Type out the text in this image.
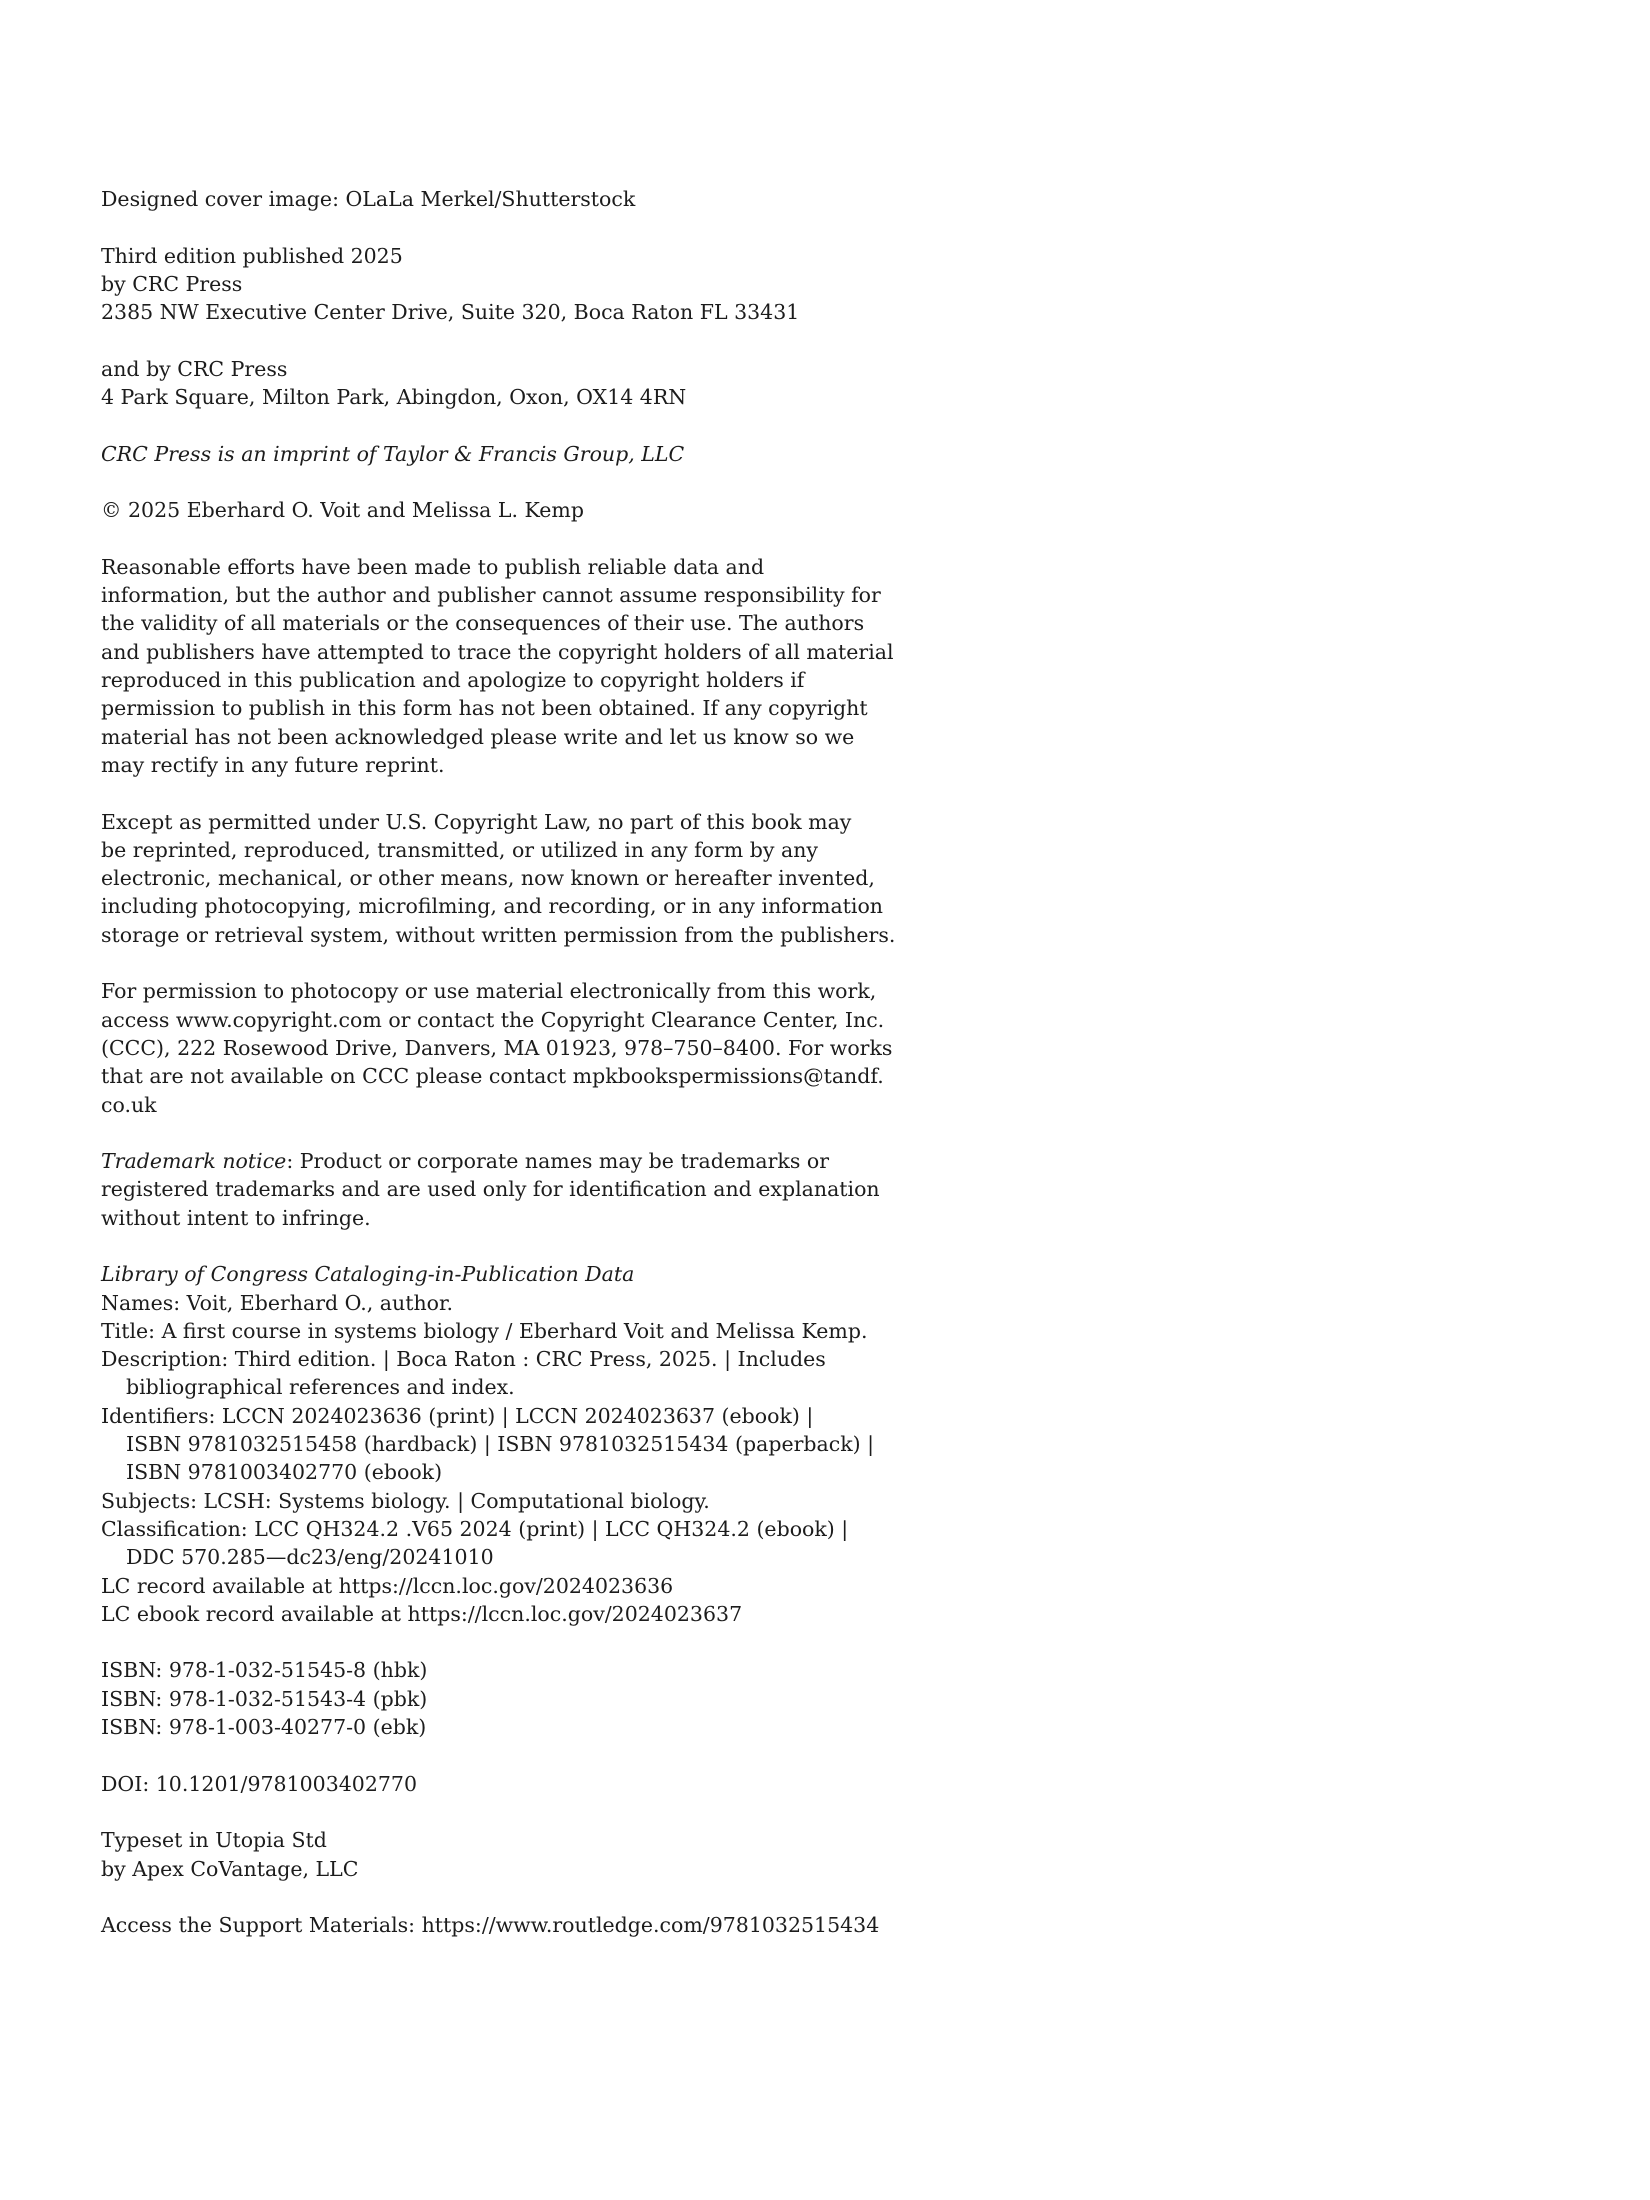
Designed cover image: OLaLa Merkel/Shutterstock
Third edition published 2025
by CRC Press
2385 NW Executive Center Drive, Suite 320, Boca Raton FL 33431
and by CRC Press
4 Park Square, Milton Park, Abingdon, Oxon, OX14 4RN
CRC Press is an imprint of Taylor & Francis Group, LLC
© 2025 Eberhard O. Voit and Melissa L. Kemp
Reasonable efforts have been made to publish reliable data and
information, but the author and publisher cannot assume responsibility for
the validity of all materials or the consequences of their use. The authors
and publishers have attempted to trace the copyright holders of all material
reproduced in this publication and apologize to copyright holders if
permission to publish in this form has not been obtained. If any copyright
material has not been acknowledged please write and let us know so we
may rectify in any future reprint.
Except as permitted under U.S. Copyright Law, no part of this book may
be reprinted, reproduced, transmitted, or utilized in any form by any
electronic, mechanical, or other means, now known or hereafter invented,
including photocopying, microfilming, and recording, or in any information
storage or retrieval system, without written permission from the publishers.
For permission to photocopy or use material electronically from this work,
access www.copyright.com or contact the Copyright Clearance Center, Inc.
(CCC), 222 Rosewood Drive, Danvers, MA 01923, 978–750–8400. For works
that are not available on CCC please contact mpkbookspermissions@tandf.
co.uk
Trademark notice: Product or corporate names may be trademarks or
registered trademarks and are used only for identification and explanation
without intent to infringe.
Library of Congress Cataloging-in-Publication Data
Names: Voit, Eberhard O., author.
Title: A first course in systems biology / Eberhard Voit and Melissa Kemp.
Description: Third edition. | Boca Raton : CRC Press, 2025. | Includes
bibliographical references and index.
Identifiers: LCCN 2024023636 (print) | LCCN 2024023637 (ebook) |
ISBN 9781032515458 (hardback) | ISBN 9781032515434 (paperback) |
ISBN 9781003402770 (ebook)
Subjects: LCSH: Systems biology. | Computational biology.
Classification: LCC QH324.2 .V65 2024 (print) | LCC QH324.2 (ebook) |
DDC 570.285—dc23/eng/20241010
LC record available at https://lccn.loc.gov/2024023636
LC ebook record available at https://lccn.loc.gov/2024023637
ISBN: 978-1-032-51545-8 (hbk)
ISBN: 978-1-032-51543-4 (pbk)
ISBN: 978-1-003-40277-0 (ebk)
DOI: 10.1201/9781003402770
Typeset in Utopia Std
by Apex CoVantage, LLC
Access the Support Materials: https://www.routledge.com/9781032515434
